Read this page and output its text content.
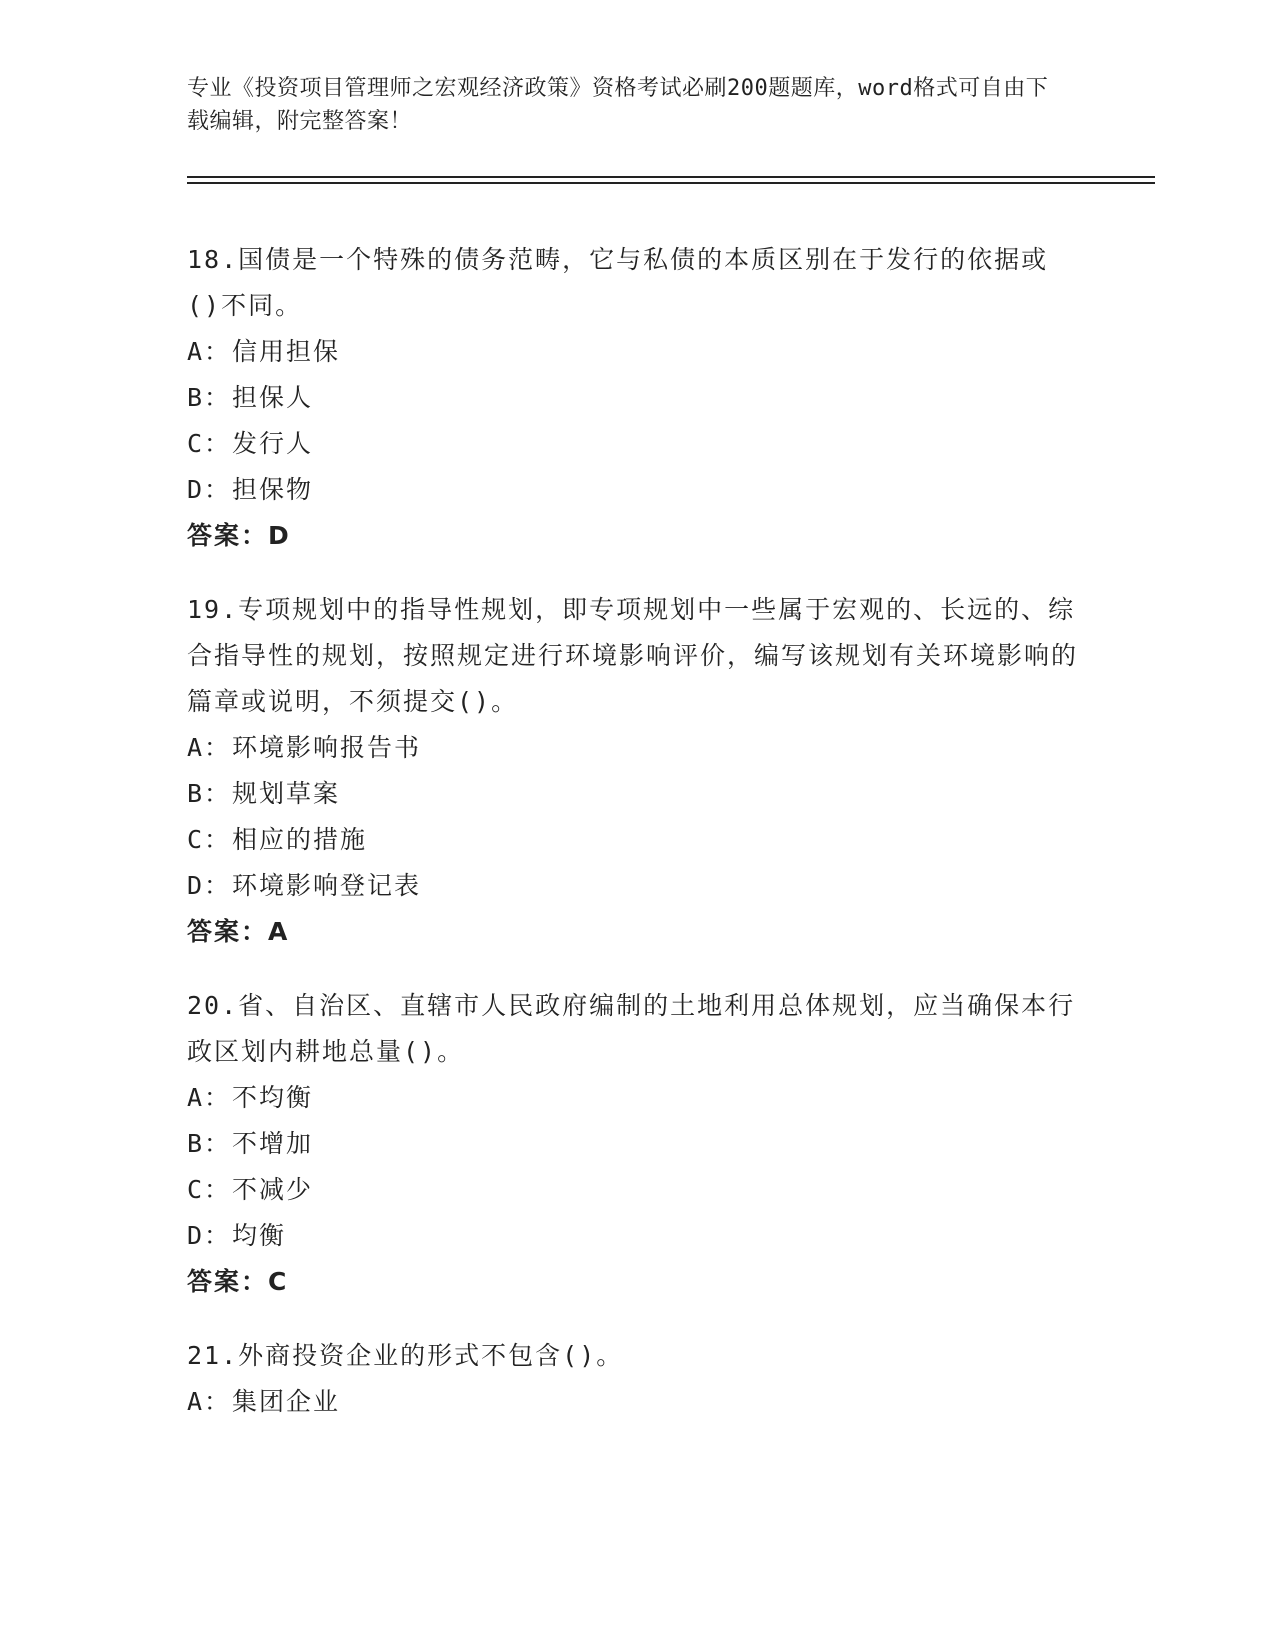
专业《投资项目管理师之宏观经济政策》资格考试必刷200题题库，word格式可自由下载编辑，附完整答案！

18.国债是一个特殊的债务范畴，它与私债的本质区别在于发行的依据或()不同。

A：信用担保

B：担保人

C：发行人

D：担保物

答案：D

19.专项规划中的指导性规划，即专项规划中一些属于宏观的、长远的、综合指导性的规划，按照规定进行环境影响评价，编写该规划有关环境影响的篇章或说明，不须提交()。

A：环境影响报告书

B：规划草案

C：相应的措施

D：环境影响登记表

答案：A

20.省、自治区、直辖市人民政府编制的土地利用总体规划，应当确保本行政区划内耕地总量()。

A：不均衡

B：不增加

C：不减少

D：均衡

答案：C

21.外商投资企业的形式不包含()。

A：集团企业
